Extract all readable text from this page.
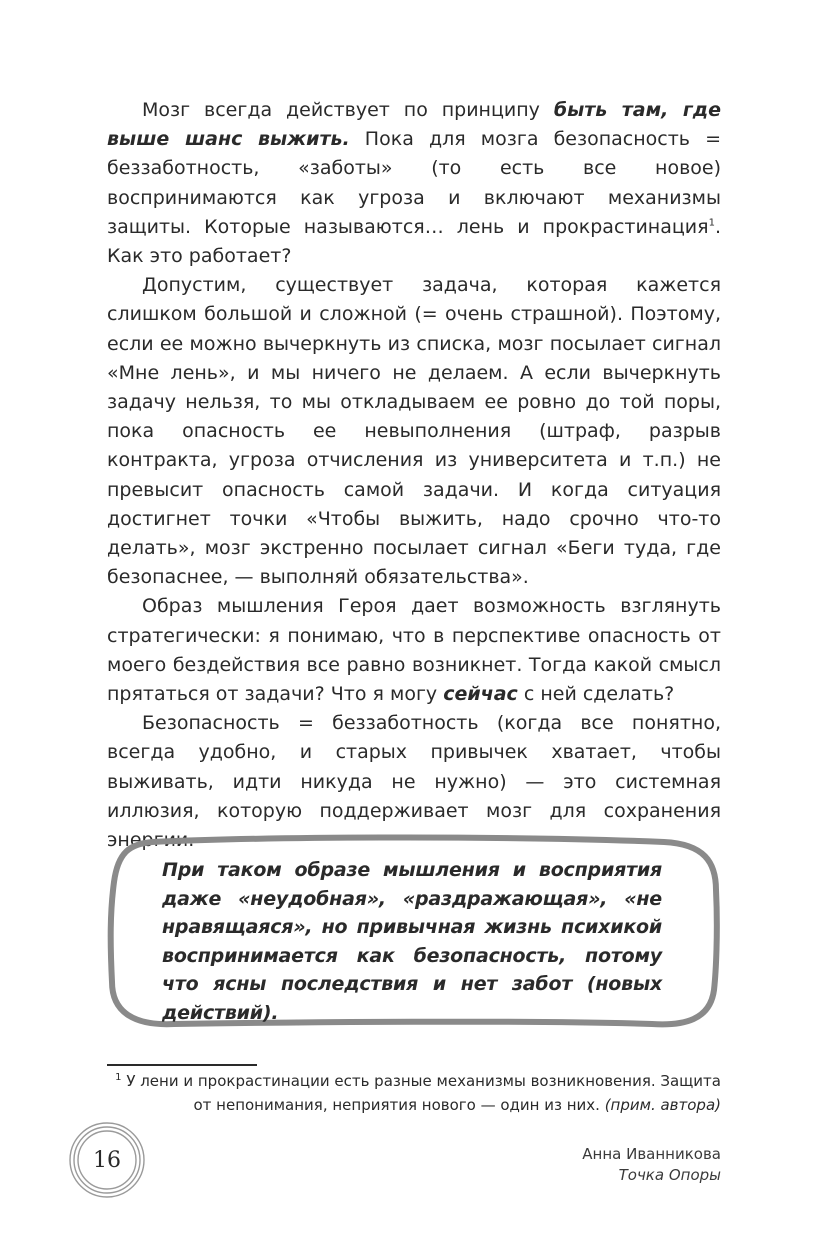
Мозг всегда действует по принципу быть там, где выше шанс выжить. Пока для мозга безопасность = беззаботность, «заботы» (то есть все новое) воспринимаются как угроза и включают механизмы защиты. Которые называются… лень и прокрастинация$^1$. Как это работает?

Допустим, существует задача, которая кажется слишком большой и сложной (= очень страшной). Поэтому, если ее можно вычеркнуть из списка, мозг посылает сигнал «Мне лень», и мы ничего не делаем. А если вычеркнуть задачу нельзя, то мы откладываем ее ровно до той поры, пока опасность ее невыполнения (штраф, разрыв контракта, угроза отчисления из университета и т.п.) не превысит опасность самой задачи. И когда ситуация достигнет точки «Чтобы выжить, надо срочно что-то делать», мозг экстренно посылает сигнал «Беги туда, где безопаснее, — выполняй обязательства».

Образ мышления Героя дает возможность взглянуть стратегически: я понимаю, что в перспективе опасность от моего бездействия все равно возникнет. Тогда какой смысл прятаться от задачи? Что я могу сейчас с ней сделать?

Безопасность = беззаботность (когда все понятно, всегда удобно, и старых привычек хватает, чтобы выживать, идти никуда не нужно) — это системная иллюзия, которую поддерживает мозг для сохранения энергии.

При таком образе мышления и восприятия даже «неудобная», «раздражающая», «не нравящаяся», но привычная жизнь психикой воспринимается как безопасность, потому что ясны последствия и нет забот (новых действий).
$^1$ У лени и прокрастинации есть разные механизмы возникновения. Защита от непонимания, неприятия нового — один из них. (прим. автора)
16	Анна Иванникова
Точка Опоры
